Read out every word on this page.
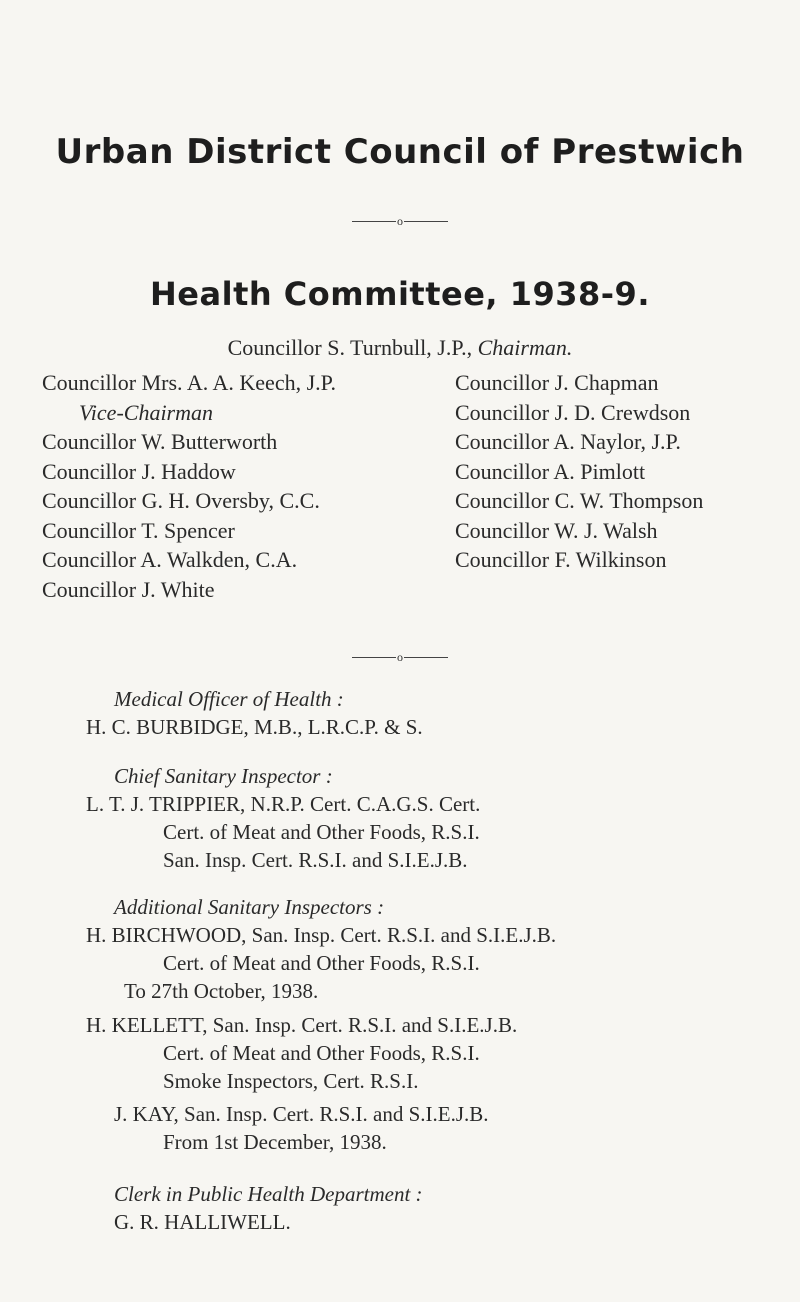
Urban District Council of Prestwich
o
Health Committee, 1938-9.
Councillor S. Turnbull, J.P., Chairman.
Councillor Mrs. A. A. Keech, J.P.
Vice-Chairman
Councillor W. Butterworth
Councillor J. Haddow
Councillor G. H. Oversby, C.C.
Councillor T. Spencer
Councillor A. Walkden, C.A.
Councillor J. White
Councillor J. Chapman
Councillor J. D. Crewdson
Councillor A. Naylor, J.P.
Councillor A. Pimlott
Councillor C. W. Thompson
Councillor W. J. Walsh
Councillor F. Wilkinson
o
Medical Officer of Health :
H. C. BURBIDGE, M.B., L.R.C.P. & S.
Chief Sanitary Inspector :
L. T. J. TRIPPIER, N.R.P. Cert. C.A.G.S. Cert.
Cert. of Meat and Other Foods, R.S.I.
San. Insp. Cert. R.S.I. and S.I.E.J.B.
Additional Sanitary Inspectors :
H. BIRCHWOOD, San. Insp. Cert. R.S.I. and S.I.E.J.B.
Cert. of Meat and Other Foods, R.S.I.
To 27th October, 1938.
H. KELLETT, San. Insp. Cert. R.S.I. and S.I.E.J.B.
Cert. of Meat and Other Foods, R.S.I.
Smoke Inspectors, Cert. R.S.I.
J. KAY, San. Insp. Cert. R.S.I. and S.I.E.J.B.
From 1st December, 1938.
Clerk in Public Health Department :
G. R. HALLIWELL.
